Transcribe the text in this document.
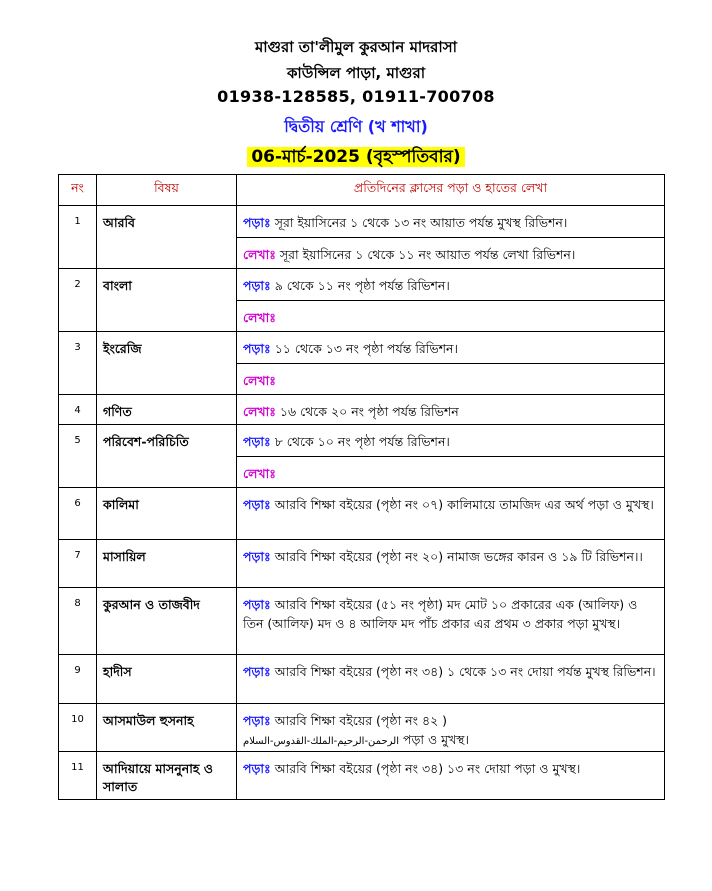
মাগুরা তা'লীমুল কুরআন মাদরাসা
কাউন্সিল পাড়া, মাগুরা
01938-128585, 01911-700708
দ্বিতীয় শ্রেণি (খ শাখা)
06-মার্চ-2025 (বৃহস্পতিবার)
নং	বিষয়	প্রতিদিনের ক্লাসের পড়া ও হাতের লেখা
1	আরবি	পড়াঃ সূরা ইয়াসিনের ১ থেকে ১৩ নং আয়াত পর্যন্ত মুখস্থ রিভিশন।
		লেখাঃ সূরা ইয়াসিনের ১ থেকে ১১ নং আয়াত পর্যন্ত লেখা রিভিশন।
2	বাংলা	পড়াঃ ৯ থেকে ১১ নং পৃষ্ঠা পর্যন্ত রিভিশন।
		লেখাঃ
3	ইংরেজি	পড়াঃ ১১ থেকে ১৩ নং পৃষ্ঠা পর্যন্ত রিভিশন।
		লেখাঃ
4	গণিত	লেখাঃ ১৬ থেকে ২০ নং পৃষ্ঠা পর্যন্ত রিভিশন
5	পরিবেশ-পরিচিতি	পড়াঃ ৮ থেকে ১০ নং পৃষ্ঠা পর্যন্ত রিভিশন।
		লেখাঃ
6	কালিমা	পড়াঃ আরবি শিক্ষা বইয়ের (পৃষ্ঠা নং ০৭) কালিমায়ে তামজিদ এর অর্থ পড়া ও মুখস্থ।
7	মাসায়িল	পড়াঃ আরবি শিক্ষা বইয়ের (পৃষ্ঠা নং ২০) নামাজ ভঙ্গের কারন ও ১৯ টি রিভিশন।।
8	কুরআন ও তাজবীদ	পড়াঃ আরবি শিক্ষা বইয়ের (৫১ নং পৃষ্ঠা) মদ মোট ১০ প্রকারের এক (আলিফ) ও তিন (আলিফ) মদ ও ৪ আলিফ মদ পাঁচ প্রকার এর প্রথম ৩ প্রকার পড়া মুখস্থ।
9	হাদীস	পড়াঃ আরবি শিক্ষা বইয়ের (পৃষ্ঠা নং ৩৪) ১ থেকে ১৩ নং দোয়া পর্যন্ত মুখস্থ রিভিশন।
10	আসমাউল হুসনাহ	পড়াঃ আরবি শিক্ষা বইয়ের (পৃষ্ঠা নং ৪২ )
الرحمن-الرحيم-الملك-القدوس-السلام পড়া ও মুখস্থ।
11	আদিয়ায়ে মাসনুনাহ ও সালাত	পড়াঃ আরবি শিক্ষা বইয়ের (পৃষ্ঠা নং ৩৪) ১৩ নং দোয়া পড়া ও মুখস্থ।
